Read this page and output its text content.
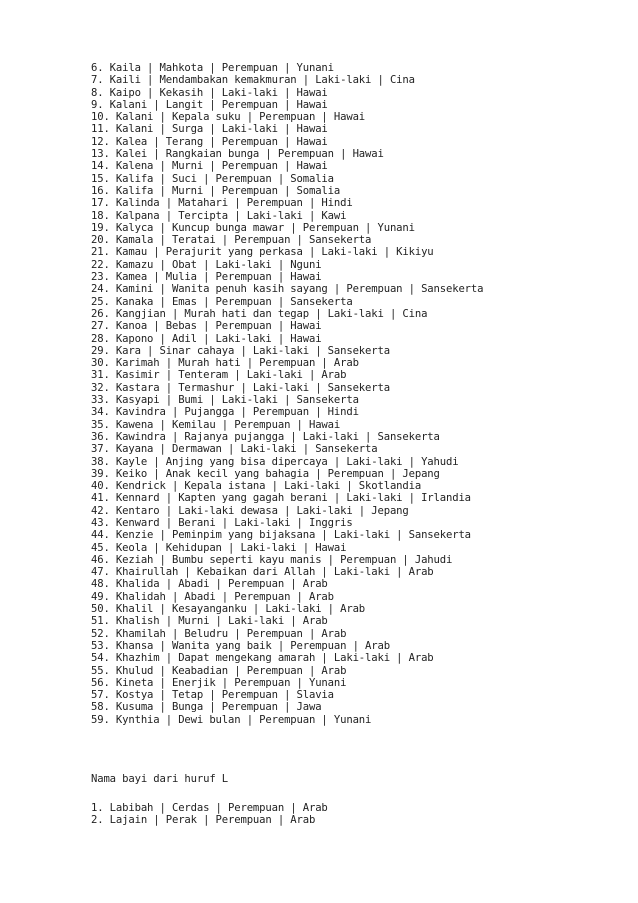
6. Kaila | Mahkota | Perempuan | Yunani
7. Kaili | Mendambakan kemakmuran | Laki-laki | Cina
8. Kaipo | Kekasih | Laki-laki | Hawai
9. Kalani | Langit | Perempuan | Hawai
10. Kalani | Kepala suku | Perempuan | Hawai
11. Kalani | Surga | Laki-laki | Hawai
12. Kalea | Terang | Perempuan | Hawai
13. Kalei | Rangkaian bunga | Perempuan | Hawai
14. Kalena | Murni | Perempuan | Hawai
15. Kalifa | Suci | Perempuan | Somalia
16. Kalifa | Murni | Perempuan | Somalia
17. Kalinda | Matahari | Perempuan | Hindi
18. Kalpana | Tercipta | Laki-laki | Kawi
19. Kalyca | Kuncup bunga mawar | Perempuan | Yunani
20. Kamala | Teratai | Perempuan | Sansekerta
21. Kamau | Perajurit yang perkasa | Laki-laki | Kikiyu
22. Kamazu | Obat | Laki-laki | Nguni
23. Kamea | Mulia | Perempuan | Hawai
24. Kamini | Wanita penuh kasih sayang | Perempuan | Sansekerta
25. Kanaka | Emas | Perempuan | Sansekerta
26. Kangjian | Murah hati dan tegap | Laki-laki | Cina
27. Kanoa | Bebas | Perempuan | Hawai
28. Kapono | Adil | Laki-laki | Hawai
29. Kara | Sinar cahaya | Laki-laki | Sansekerta
30. Karimah | Murah hati | Perempuan | Arab
31. Kasimir | Tenteram | Laki-laki | Arab
32. Kastara | Termashur | Laki-laki | Sansekerta
33. Kasyapi | Bumi | Laki-laki | Sansekerta
34. Kavindra | Pujangga | Perempuan | Hindi
35. Kawena | Kemilau | Perempuan | Hawai
36. Kawindra | Rajanya pujangga | Laki-laki | Sansekerta
37. Kayana | Dermawan | Laki-laki | Sansekerta
38. Kayle | Anjing yang bisa dipercaya | Laki-laki | Yahudi
39. Keiko | Anak kecil yang bahagia | Perempuan | Jepang
40. Kendrick | Kepala istana | Laki-laki | Skotlandia
41. Kennard | Kapten yang gagah berani | Laki-laki | Irlandia
42. Kentaro | Laki-laki dewasa | Laki-laki | Jepang
43. Kenward | Berani | Laki-laki | Inggris
44. Kenzie | Peminpim yang bijaksana | Laki-laki | Sansekerta
45. Keola | Kehidupan | Laki-laki | Hawai
46. Keziah | Bumbu seperti kayu manis | Perempuan | Jahudi
47. Khairullah | Kebaikan dari Allah | Laki-laki | Arab
48. Khalida | Abadi | Perempuan | Arab
49. Khalidah | Abadi | Perempuan | Arab
50. Khalil | Kesayanganku | Laki-laki | Arab
51. Khalish | Murni | Laki-laki | Arab
52. Khamilah | Beludru | Perempuan | Arab
53. Khansa | Wanita yang baik | Perempuan | Arab
54. Khazhim | Dapat mengekang amarah | Laki-laki | Arab
55. Khulud | Keabadian | Perempuan | Arab
56. Kineta | Enerjik | Perempuan | Yunani
57. Kostya | Tetap | Perempuan | Slavia
58. Kusuma | Bunga | Perempuan | Jawa
59. Kynthia | Dewi bulan | Perempuan | Yunani
Nama bayi dari huruf L
1. Labibah | Cerdas | Perempuan | Arab
2. Lajain | Perak | Perempuan | Arab
